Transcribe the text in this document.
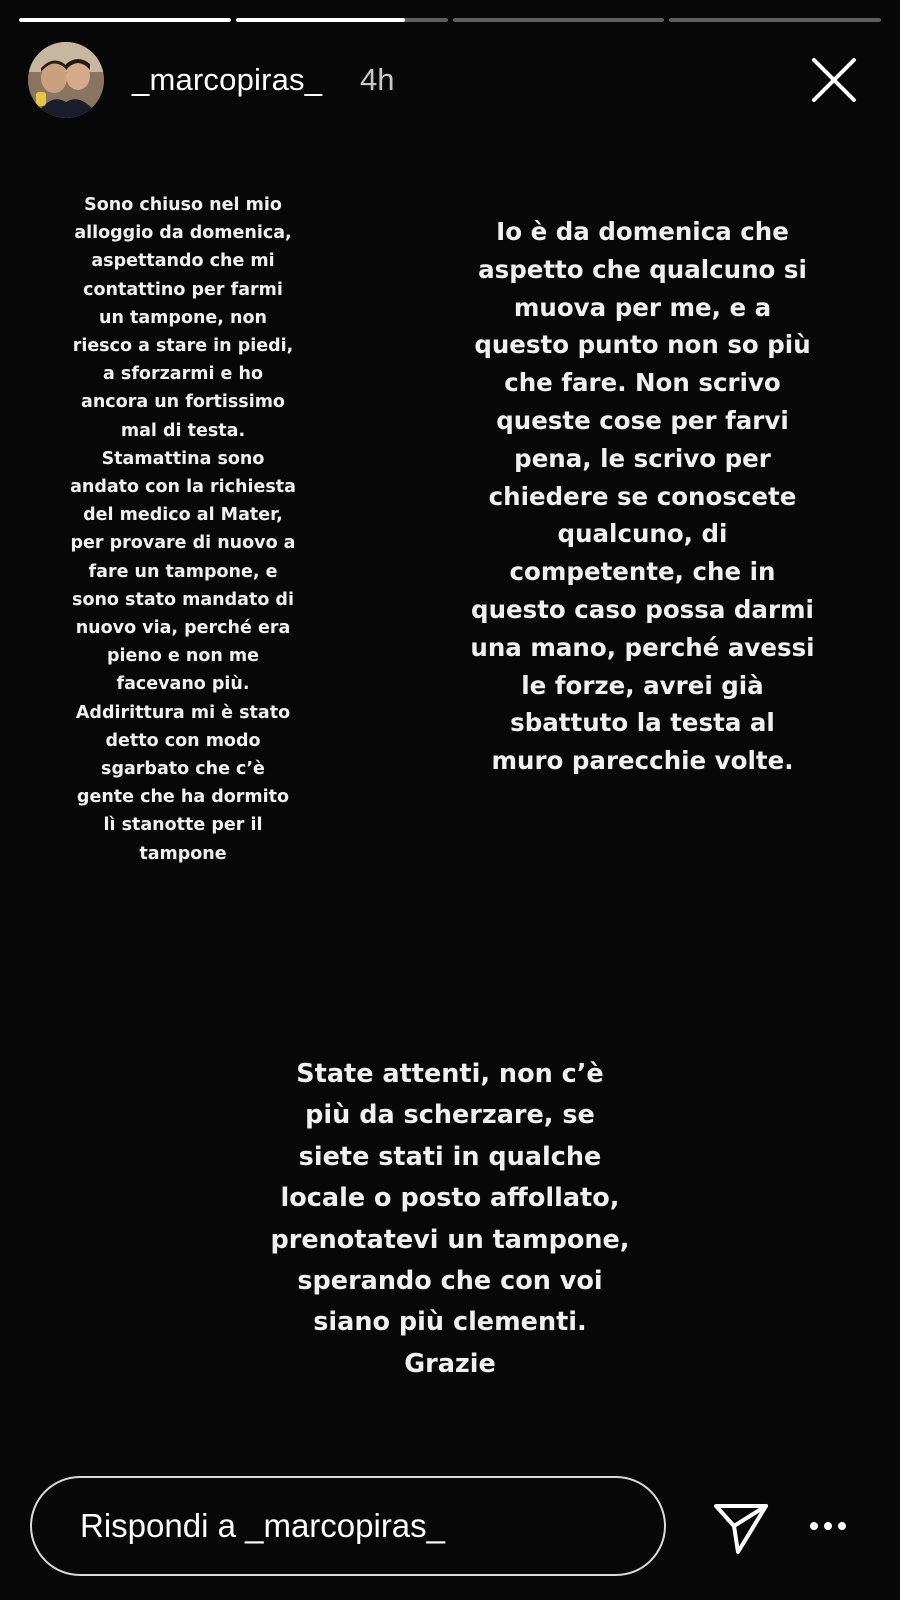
_marcopiras_ 4h
Sono chiuso nel mio alloggio da domenica, aspettando che mi contattino per farmi un tampone, non riesco a stare in piedi, a sforzarmi e ho ancora un fortissimo mal di testa. Stamattina sono andato con la richiesta del medico al Mater, per provare di nuovo a fare un tampone, e sono stato mandato di nuovo via, perché era pieno e non me facevano più. Addirittura mi è stato detto con modo sgarbato che c’è gente che ha dormito lì stanotte per il tampone
Io è da domenica che aspetto che qualcuno si muova per me, e a questo punto non so più che fare. Non scrivo queste cose per farvi pena, le scrivo per chiedere se conoscete qualcuno, di competente, che in questo caso possa darmi una mano, perché avessi le forze, avrei già sbattuto la testa al muro parecchie volte.
State attenti, non c’è più da scherzare, se siete stati in qualche locale o posto affollato, prenotatevi un tampone, sperando che con voi siano più clementi.
Grazie
Rispondi a _marcopiras_
